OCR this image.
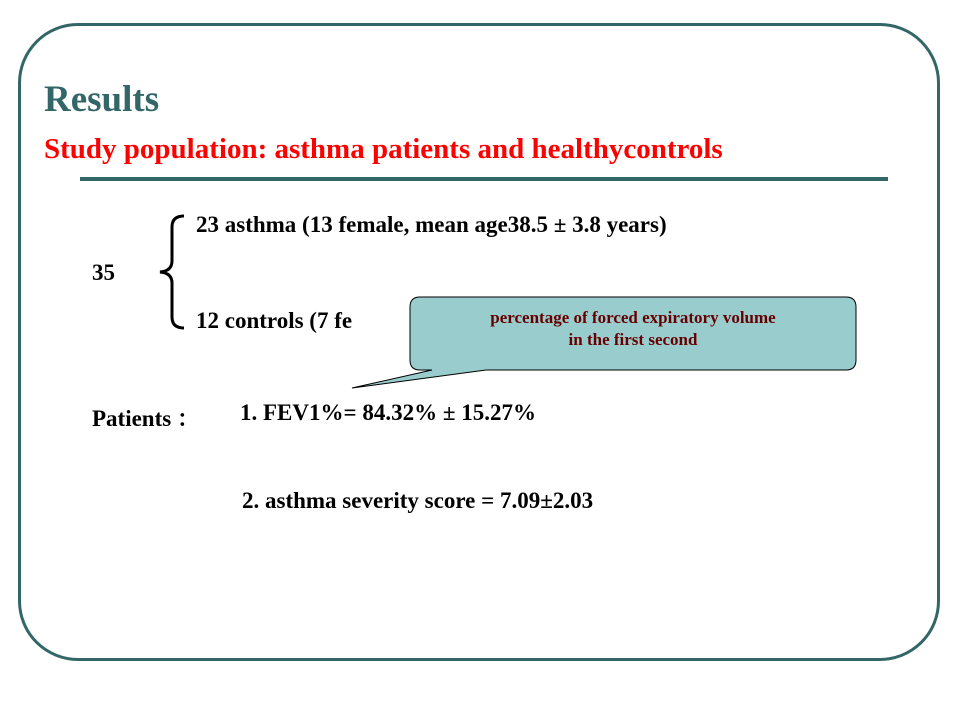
Results
Study population: asthma patients and healthycontrols
23 asthma (13 female, mean age38.5 ± 3.8 years)
35
12 controls (7 fe	percentage of forced expiratory volume
in the first second
Patients ： 1. FEV1%= 84.32% ± 15.27%
2. asthma severity score = 7.09±2.03
